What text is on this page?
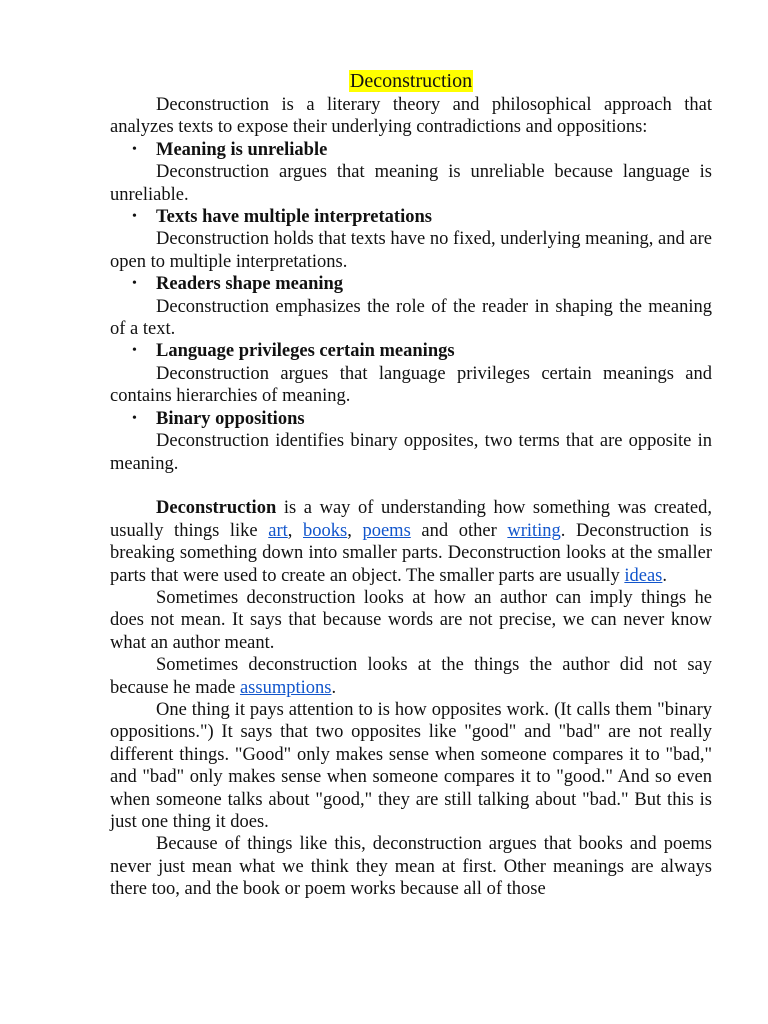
Deconstruction

Deconstruction is a literary theory and philosophical approach that analyzes texts to expose their underlying contradictions and oppositions:

• Meaning is unreliable

Deconstruction argues that meaning is unreliable because language is unreliable.

• Texts have multiple interpretations

Deconstruction holds that texts have no fixed, underlying meaning, and are open to multiple interpretations.

• Readers shape meaning

Deconstruction emphasizes the role of the reader in shaping the meaning of a text.

• Language privileges certain meanings

Deconstruction argues that language privileges certain meanings and contains hierarchies of meaning.

• Binary oppositions

Deconstruction identifies binary opposites, two terms that are opposite in meaning.

Deconstruction is a way of understanding how something was created, usually things like art, books, poems and other writing. Deconstruction is breaking something down into smaller parts. Deconstruction looks at the smaller parts that were used to create an object. The smaller parts are usually ideas.

Sometimes deconstruction looks at how an author can imply things he does not mean. It says that because words are not precise, we can never know what an author meant.

Sometimes deconstruction looks at the things the author did not say because he made assumptions.

One thing it pays attention to is how opposites work. (It calls them "binary oppositions.") It says that two opposites like "good" and "bad" are not really different things. "Good" only makes sense when someone compares it to "bad," and "bad" only makes sense when someone compares it to "good." And so even when someone talks about "good," they are still talking about "bad." But this is just one thing it does.

Because of things like this, deconstruction argues that books and poems never just mean what we think they mean at first. Other meanings are always there too, and the book or poem works because all of those
